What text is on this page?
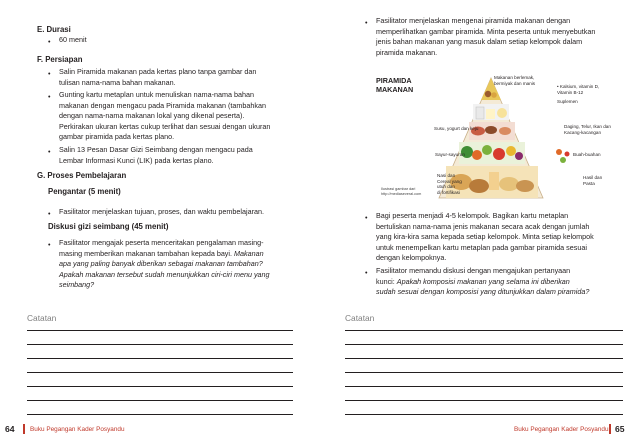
E. Durasi
• 60 menit
F. Persiapan
• Salin Piramida makanan pada kertas plano tanpa gambar dan
tulisan nama-nama bahan makanan.
• Gunting kartu metaplan untuk menuliskan nama-nama bahan
makanan dengan mengacu pada Piramida makanan (tambahkan
dengan nama-nama makanan lokal yang dikenal peserta).
Perkirakan ukuran kertas cukup terlihat dan sesuai dengan ukuran
gambar piramida pada kertas plano.
• Salin 13 Pesan Dasar Gizi Seimbang dengan mengacu pada
Lembar Informasi Kunci (LIK) pada kertas plano.
G. Proses Pembelajaran
Pengantar (5 menit)
• Fasilitator menjelaskan tujuan, proses, dan waktu pembelajaran.
Diskusi gizi seimbang (45 menit)
• Fasilitator mengajak peserta menceritakan pengalaman masing-
masing memberikan makanan tambahan kepada bayi. Makanan
apa yang paling banyak diberikan sebagai makanan tambahan?
Apakah makanan tersebut sudah menunjukkan ciri-ciri menu yang
seimbang?
Catatan
64 Buku Pegangan Kader Posyandu
• Fasilitator menjelaskan mengenai piramida makanan dengan
memperlihatkan gambar piramida. Minta peserta untuk menyebutkan
jenis bahan makanan yang masuk dalam setiap kelompok dalam
piramida makanan.
PIRAMIDA
MAKANAN
Makanan berlemak,
bermiyak dan manis
• Kalsium, vitamin D,
Vitamin B-12
Suplemen
Susu, yogurt dan keju	Daging, Telur, Ikan dan
Kacang-kacangan
Sayur-sayuran	Buah-buahan
Nasi dan
Cereal yang
utuh dan
di fortifikasi
Hasil dan
Pasta
Ilustrasi gambar dari
http://mediaseveral.com
• Bagi peserta menjadi 4-5 kelompok. Bagikan kartu metaplan
bertuliskan nama-nama jenis makanan secara acak dengan jumlah
yang kira-kira sama kepada setiap kelompok. Minta setiap kelompok
untuk menempelkan kartu metaplan pada gambar piramida sesuai
dengan kelompoknya.
• Fasilitator memandu diskusi dengan mengajukan pertanyaan
kunci: Apakah komposisi makanan yang selama ini diberikan
sudah sesuai dengan komposisi yang ditunjukkan dalam piramida?
Catatan
Buku Pegangan Kader Posyandu 65
